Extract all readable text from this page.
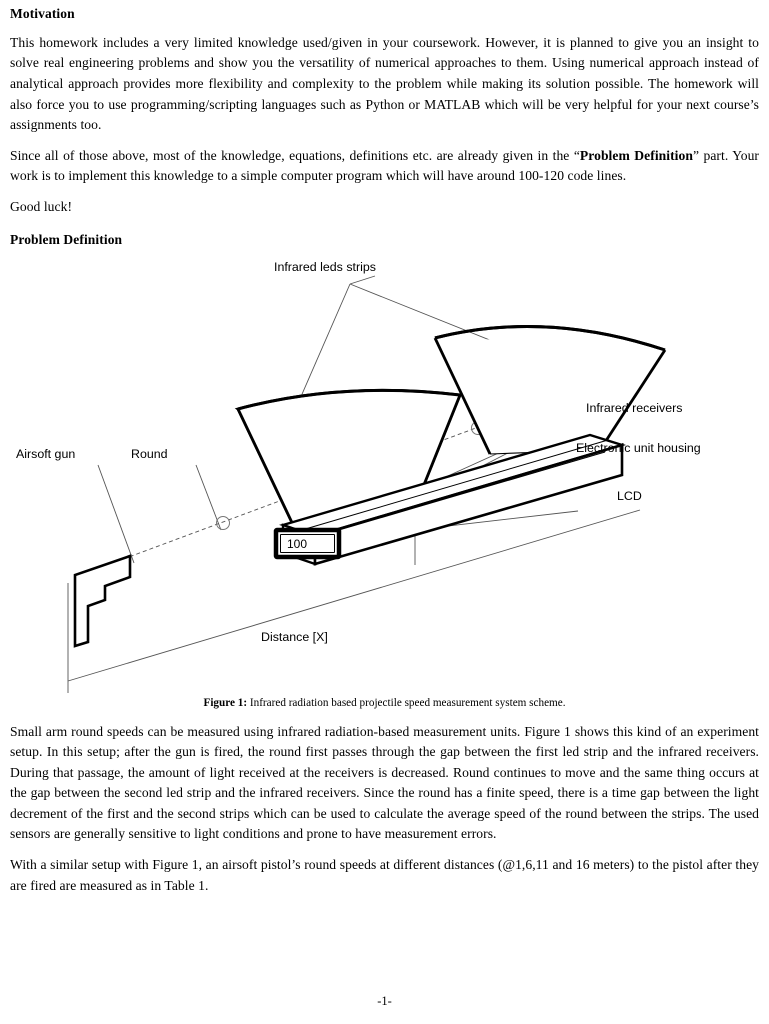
Motivation

This homework includes a very limited knowledge used/given in your coursework. However, it is planned to give you an insight to solve real engineering problems and show you the versatility of numerical approaches to them. Using numerical approach instead of analytical approach provides more flexibility and complexity to the problem while making its solution possible. The homework will also force you to use programming/scripting languages such as Python or MATLAB which will be very helpful for your next course’s assignments too.

Since all of those above, most of the knowledge, equations, definitions etc. are already given in the “Problem Definition” part. Your work is to implement this knowledge to a simple computer program which will have around 100-120 code lines.

Good luck!

Problem Definition
100
Infrared leds strips
Airsoft gun	Round
Infrared receivers
Electronic unit housing
LCD
Distance [X]

Figure 1: Infrared radiation based projectile speed measurement system scheme.

Small arm round speeds can be measured using infrared radiation-based measurement units. Figure 1 shows this kind of an experiment setup. In this setup; after the gun is fired, the round first passes through the gap between the first led strip and the infrared receivers. During that passage, the amount of light received at the receivers is decreased. Round continues to move and the same thing occurs at the gap between the second led strip and the infrared receivers. Since the round has a finite speed, there is a time gap between the light decrement of the first and the second strips which can be used to calculate the average speed of the round between the strips. The used sensors are generally sensitive to light conditions and prone to have measurement errors.

With a similar setup with Figure 1, an airsoft pistol’s round speeds at different distances (@1,6,11 and 16 meters) to the pistol after they are fired are measured as in Table 1.

-1-
